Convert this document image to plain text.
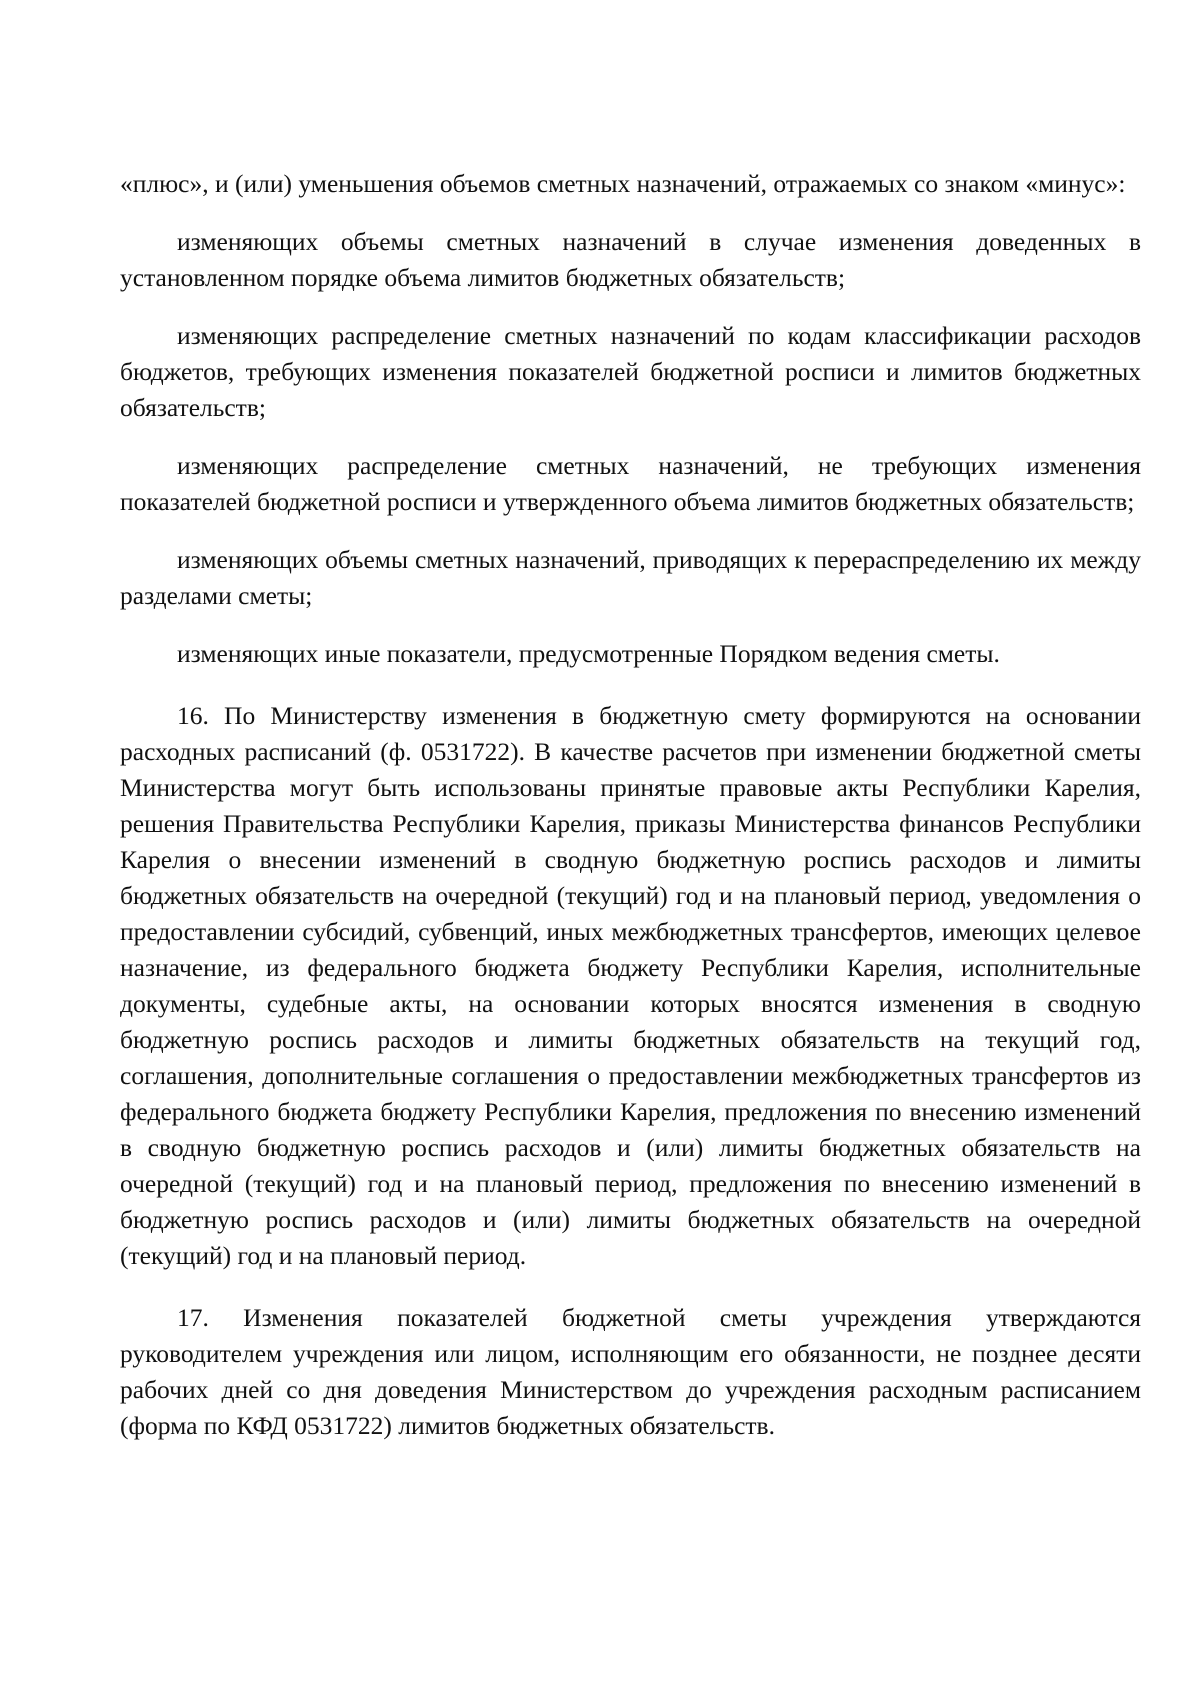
«плюс», и (или) уменьшения объемов сметных назначений, отражаемых со знаком «минус»:

изменяющих объемы сметных назначений в случае изменения доведенных в установленном порядке объема лимитов бюджетных обязательств;

изменяющих распределение сметных назначений по кодам классификации расходов бюджетов, требующих изменения показателей бюджетной росписи и лимитов бюджетных обязательств;

изменяющих распределение сметных назначений, не требующих изменения показателей бюджетной росписи и утвержденного объема лимитов бюджетных обязательств;

изменяющих объемы сметных назначений, приводящих к перераспределению их между разделами сметы;

изменяющих иные показатели, предусмотренные Порядком ведения сметы.

16. По Министерству изменения в бюджетную смету формируются на основании расходных расписаний (ф. 0531722). В качестве расчетов при изменении бюджетной сметы Министерства могут быть использованы принятые правовые акты Республики Карелия, решения Правительства Республики Карелия, приказы Министерства финансов Республики Карелия о внесении изменений в сводную бюджетную роспись расходов и лимиты бюджетных обязательств на очередной (текущий) год и на плановый период, уведомления о предоставлении субсидий, субвенций, иных межбюджетных трансфертов, имеющих целевое назначение, из федерального бюджета бюджету Республики Карелия, исполнительные документы, судебные акты, на основании которых вносятся изменения в сводную бюджетную роспись расходов и лимиты бюджетных обязательств на текущий год, соглашения, дополнительные соглашения о предоставлении межбюджетных трансфертов из федерального бюджета бюджету Республики Карелия, предложения по внесению изменений в сводную бюджетную роспись расходов и (или) лимиты бюджетных обязательств на очередной (текущий) год и на плановый период, предложения по внесению изменений в бюджетную роспись расходов и (или) лимиты бюджетных обязательств на очередной (текущий) год и на плановый период.

17. Изменения показателей бюджетной сметы учреждения утверждаются руководителем учреждения или лицом, исполняющим его обязанности, не позднее десяти рабочих дней со дня доведения Министерством до учреждения расходным расписанием (форма по КФД 0531722) лимитов бюджетных обязательств.
